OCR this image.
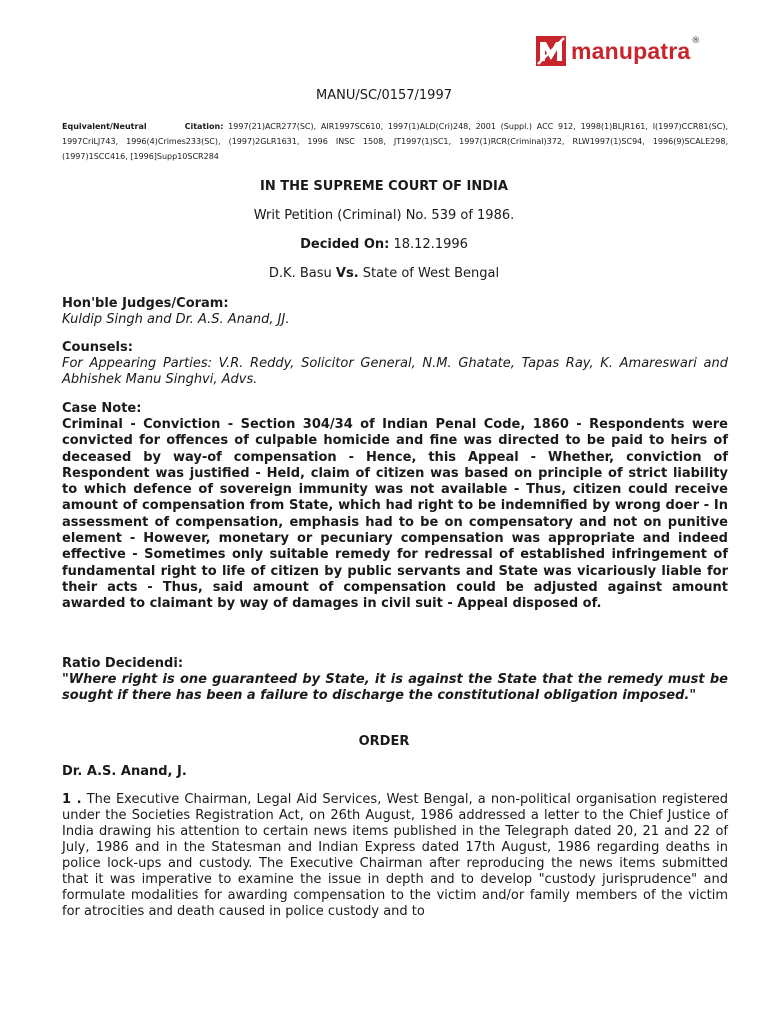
manupatra ®
MANU/SC/0157/1997
Equivalent/Neutral	Citation: 1997(21)ACR277(SC), AIR1997SC610, 1997(1)ALD(Cri)248, 2001 (Suppl.) ACC 912, 1998(1)BLJR161, I(1997)CCR81(SC), 1997CriLJ743, 1996(4)Crimes233(SC), (1997)2GLR1631, 1996 INSC 1508, JT1997(1)SC1, 1997(1)RCR(Criminal)372, RLW1997(1)SC94, 1996(9)SCALE298, (1997)1SCC416, [1996]Supp10SCR284
IN THE SUPREME COURT OF INDIA
Writ Petition (Criminal) No. 539 of 1986.
Decided On: 18.12.1996
D.K. Basu Vs. State of West Bengal
Hon'ble Judges/Coram:
Kuldip Singh and Dr. A.S. Anand, JJ.
Counsels:
For Appearing Parties: V.R. Reddy, Solicitor General, N.M. Ghatate, Tapas Ray, K. Amareswari and Abhishek Manu Singhvi, Advs.
Case Note:
Criminal - Conviction - Section 304/34 of Indian Penal Code, 1860 - Respondents were convicted for offences of culpable homicide and fine was directed to be paid to heirs of deceased by way-of compensation - Hence, this Appeal - Whether, conviction of Respondent was justified - Held, claim of citizen was based on principle of strict liability to which defence of sovereign immunity was not available - Thus, citizen could receive amount of compensation from State, which had right to be indemnified by wrong doer - In assessment of compensation, emphasis had to be on compensatory and not on punitive element - However, monetary or pecuniary compensation was appropriate and indeed effective - Sometimes only suitable remedy for redressal of established infringement of fundamental right to life of citizen by public servants and State was vicariously liable for their acts - Thus, said amount of compensation could be adjusted against amount awarded to claimant by way of damages in civil suit - Appeal disposed of.
Ratio Decidendi:
"Where right is one guaranteed by State, it is against the State that the remedy must be sought if there has been a failure to discharge the constitutional obligation imposed."
ORDER
Dr. A.S. Anand, J.
1 . The Executive Chairman, Legal Aid Services, West Bengal, a non-political organisation registered under the Societies Registration Act, on 26th August, 1986 addressed a letter to the Chief Justice of India drawing his attention to certain news items published in the Telegraph dated 20, 21 and 22 of July, 1986 and in the Statesman and Indian Express dated 17th August, 1986 regarding deaths in police lock-ups and custody. The Executive Chairman after reproducing the news items submitted that it was imperative to examine the issue in depth and to develop "custody jurisprudence" and formulate modalities for awarding compensation to the victim and/or family members of the victim for atrocities and death caused in police custody and to
